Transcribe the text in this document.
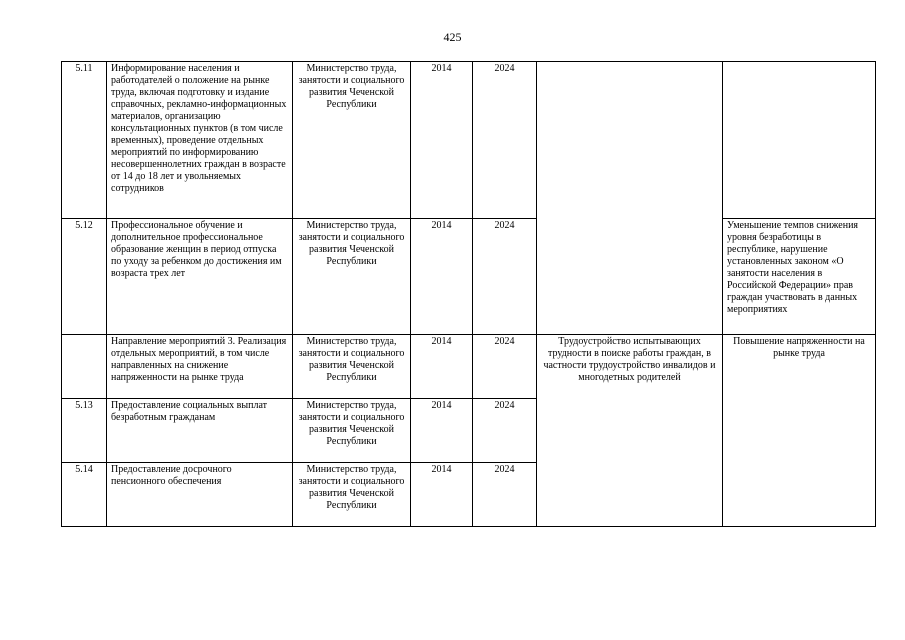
425
5.11	Информирование населения и работодателей о положение на рынке труда, включая подготовку и издание справочных, рекламно-информационных материалов, организацию консультационных пунктов (в том числе временных), проведение отдельных мероприятий по информированию несовершеннолетних граждан в возрасте от 14 до 18 лет и увольняемых сотрудников	Министерство труда, занятости и социального развития Чеченской Республики	2014	2024		
5.12	Профессиональное обучение и дополнительное профессиональное образование женщин в период отпуска по уходу за ребенком до достижения им возраста трех лет	Министерство труда, занятости и социального развития Чеченской Республики	2014	2024		Уменьшение темпов снижения уровня безработицы в республике, нарушение установленных законом «О занятости населения в Российской Федерации» прав граждан участвовать в данных мероприятиях
	Направление мероприятий 3. Реализация отдельных мероприятий, в том числе направленных на снижение напряженности на рынке труда	Министерство труда, занятости и социального развития Чеченской Республики	2014	2024	Трудоустройство испытывающих трудности в поиске работы граждан, в частности трудоустройство инвалидов и многодетных родителей	Повышение напряженности на рынке труда
5.13	Предоставление социальных выплат безработным гражданам	Министерство труда, занятости и социального развития Чеченской Республики	2014	2024		
5.14	Предоставление досрочного пенсионного обеспечения	Министерство труда, занятости и социального развития Чеченской Республики	2014	2024		
